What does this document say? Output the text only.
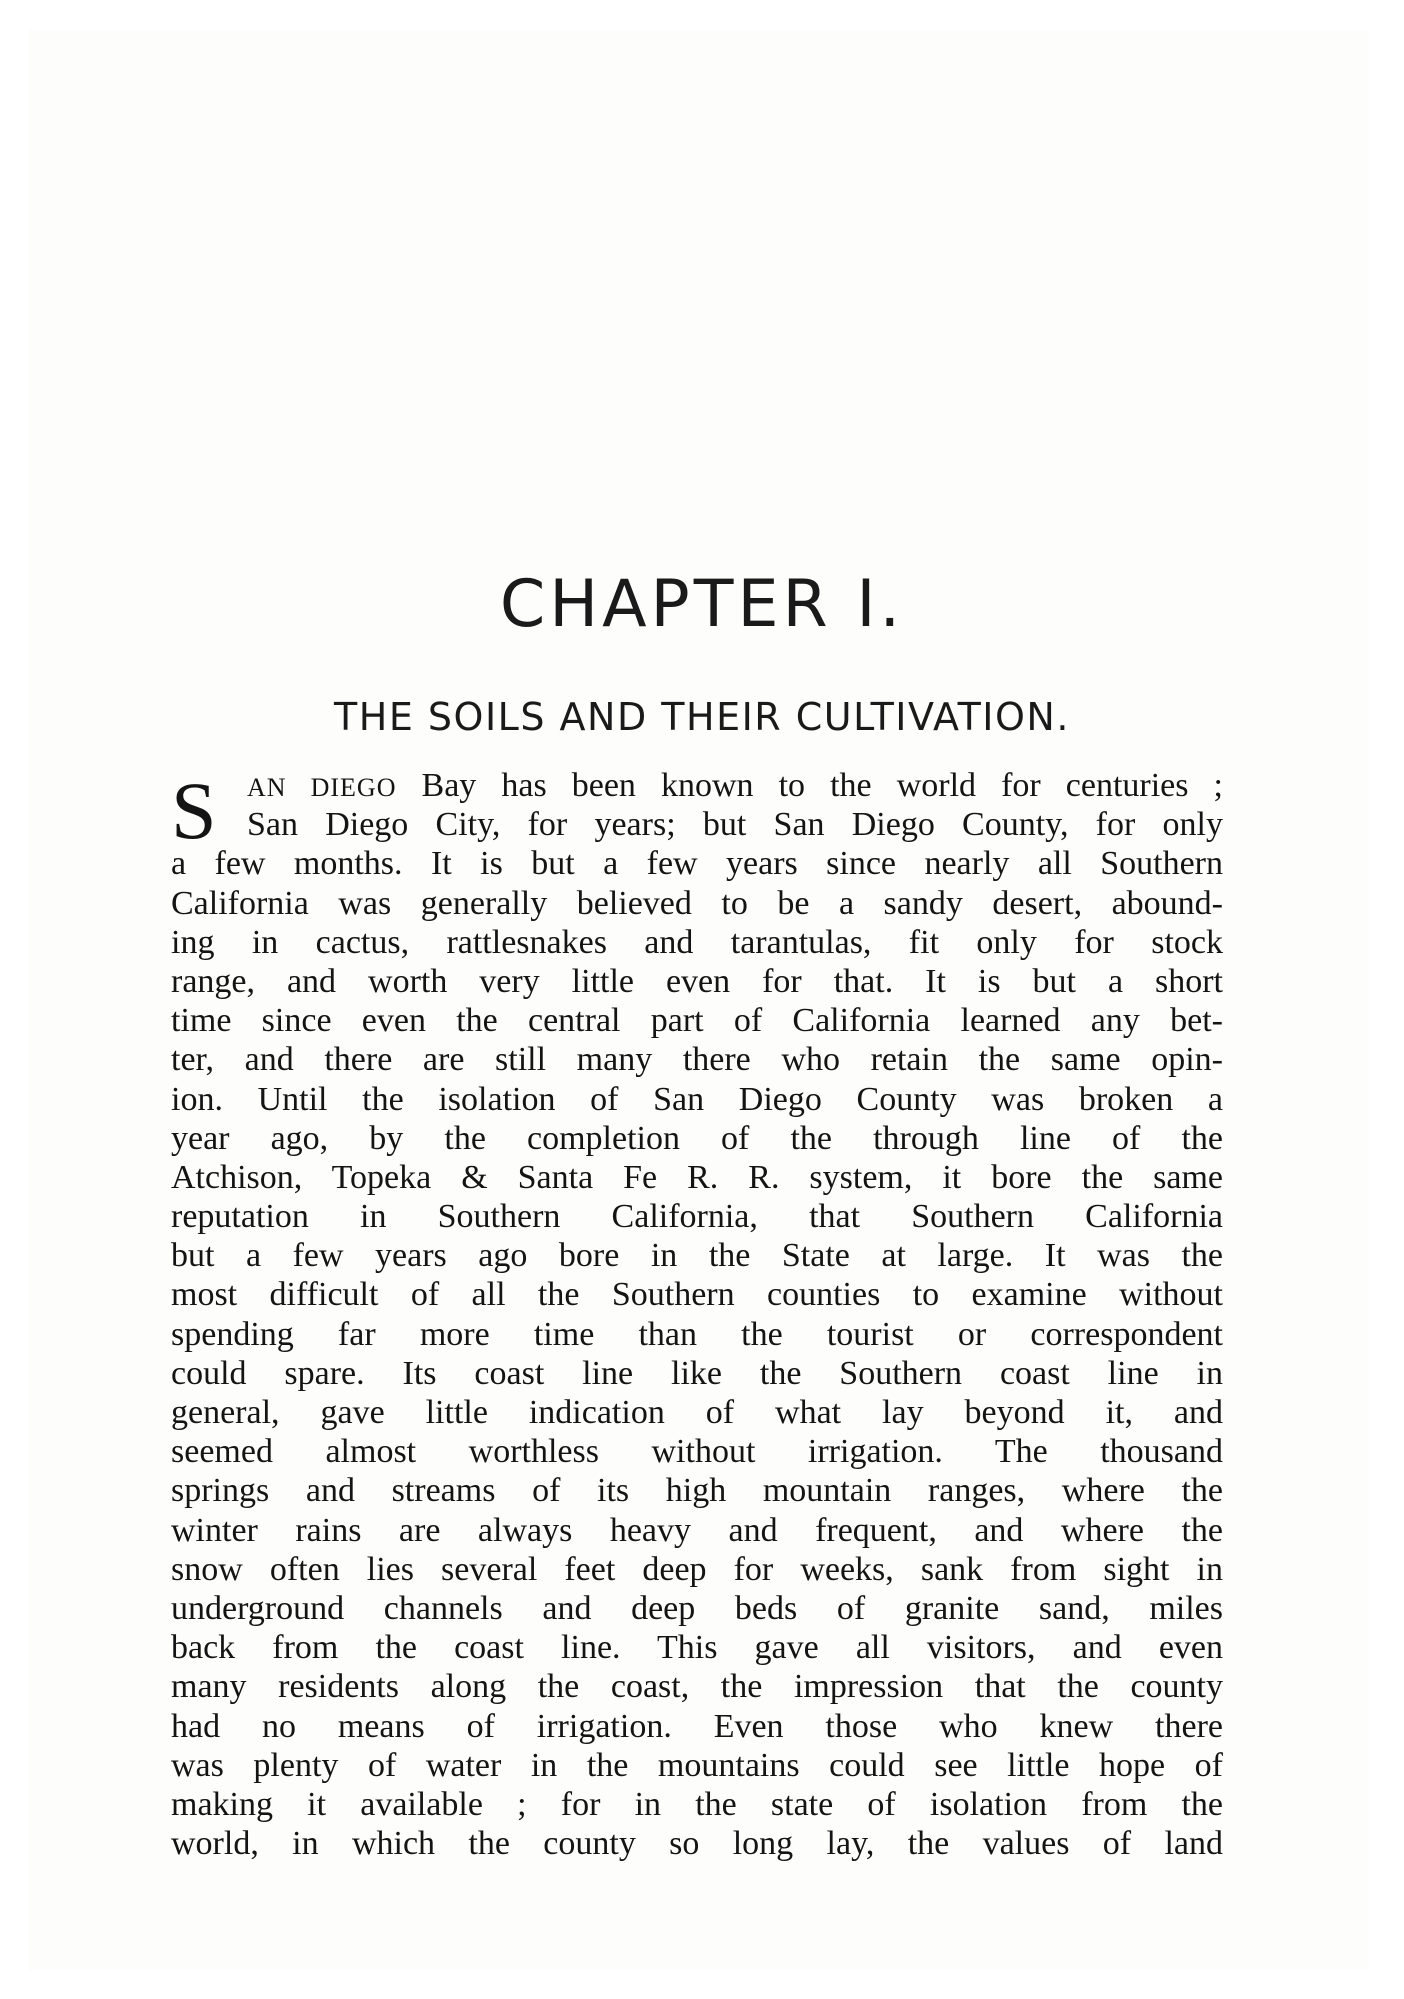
CHAPTER I.
THE SOILS AND THEIR CULTIVATION.
S	AN DIEGO Bay has been known to the world for centuries ;
San Diego City, for years; but San Diego County, for only
a few months. It is but a few years since nearly all Southern
California was generally believed to be a sandy desert, abound-
ing in cactus, rattlesnakes and tarantulas, fit only for stock
range, and worth very little even for that. It is but a short
time since even the central part of California learned any bet-
ter, and there are still many there who retain the same opin-
ion. Until the isolation of San Diego County was broken a
year ago, by the completion of the through line of the
Atchison, Topeka & Santa Fe R. R. system, it bore the same
reputation in Southern California, that Southern California
but a few years ago bore in the State at large. It was the
most difficult of all the Southern counties to examine without
spending far more time than the tourist or correspondent
could spare. Its coast line like the Southern coast line in
general, gave little indication of what lay beyond it, and
seemed almost worthless without irrigation. The thousand
springs and streams of its high mountain ranges, where the
winter rains are always heavy and frequent, and where the
snow often lies several feet deep for weeks, sank from sight in
underground channels and deep beds of granite sand, miles
back from the coast line. This gave all visitors, and even
many residents along the coast, the impression that the county
had no means of irrigation. Even those who knew there
was plenty of water in the mountains could see little hope of
making it available ; for in the state of isolation from the
world, in which the county so long lay, the values of land
